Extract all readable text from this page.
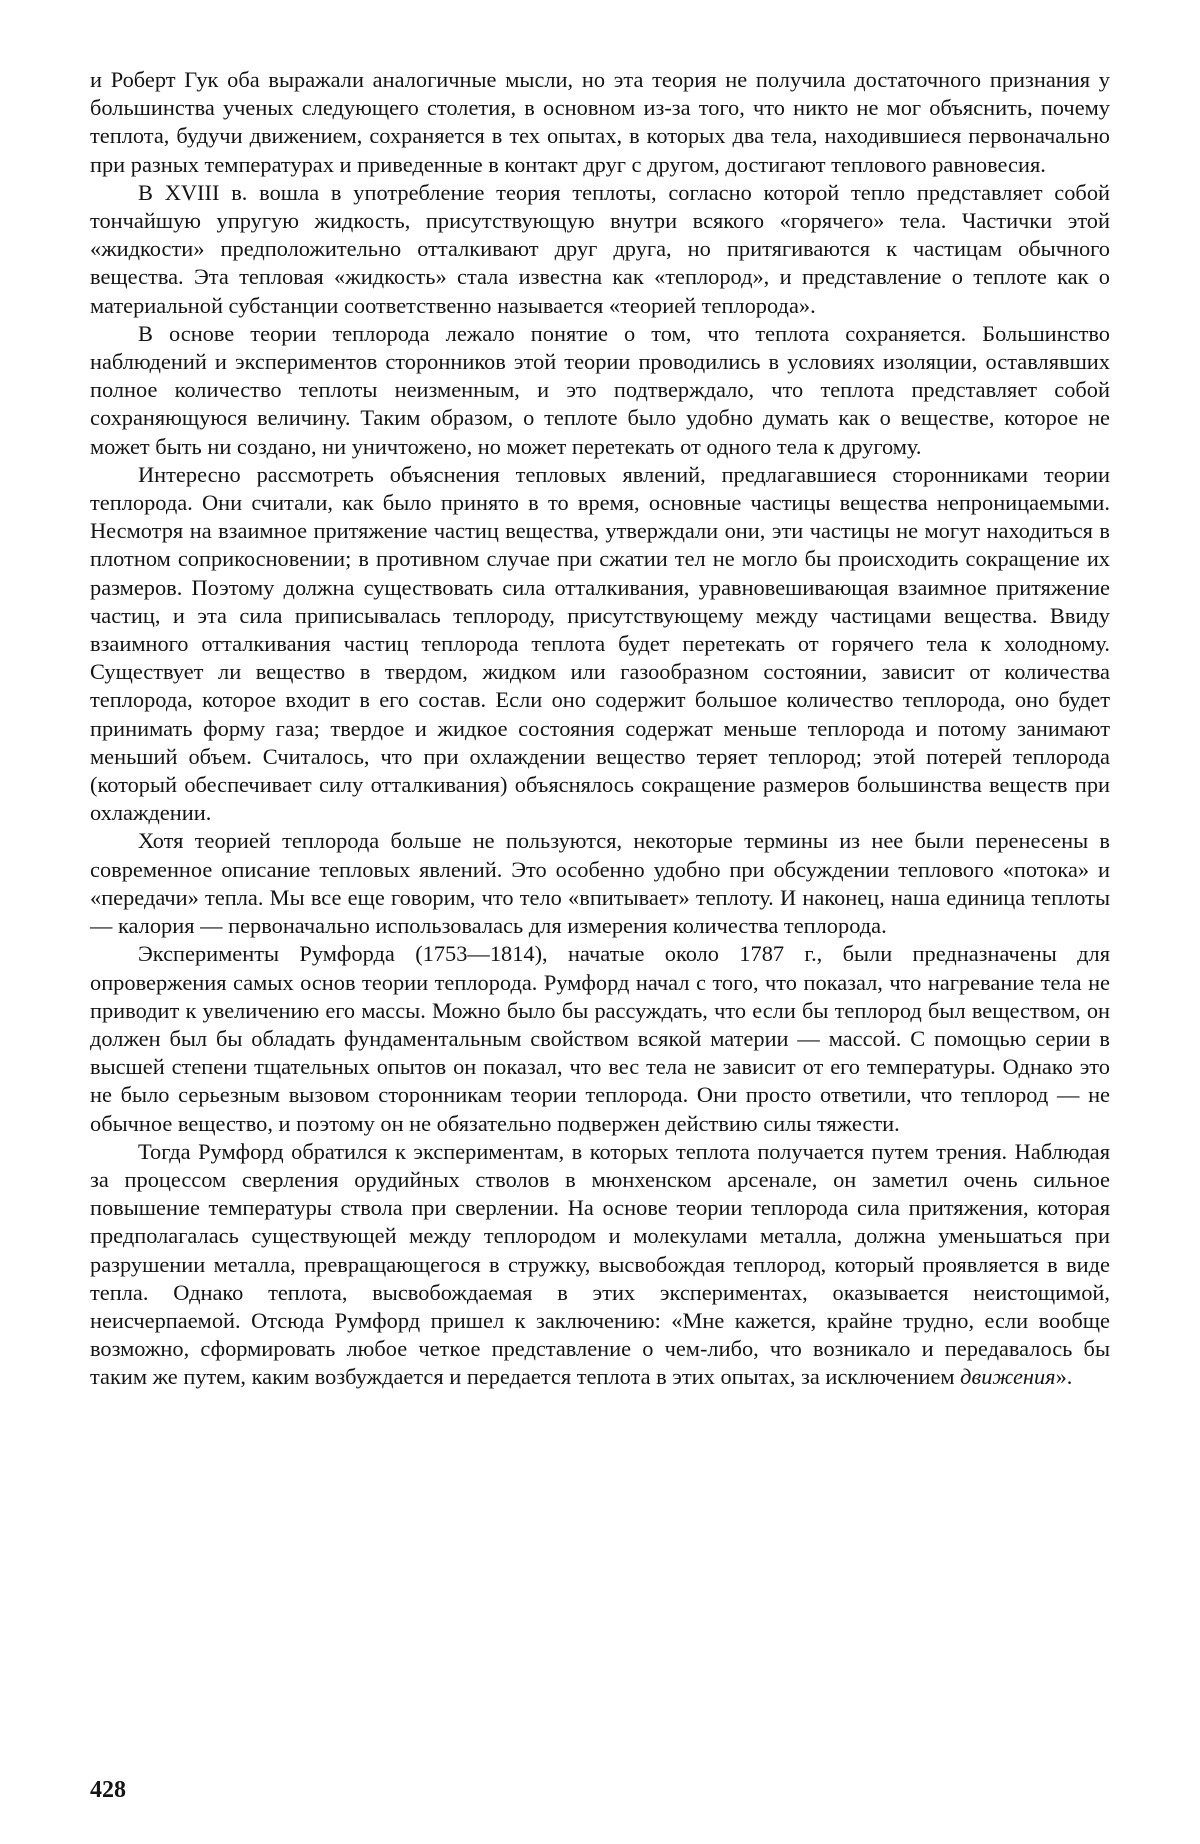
и Роберт Гук оба выражали аналогичные мысли, но эта теория не получила достаточного признания у большинства ученых следующего столетия, в основном из-за того, что никто не мог объяснить, почему теплота, будучи движением, сохраняется в тех опытах, в которых два тела, находившиеся первоначально при разных температурах и приведенные в контакт друг с другом, достигают теплового равновесия.

В XVIII в. вошла в употребление теория теплоты, согласно которой тепло представляет собой тончайшую упругую жидкость, присутствующую внутри всякого «горячего» тела. Частички этой «жидкости» предположительно отталкивают друг друга, но притягиваются к частицам обычного вещества. Эта тепловая «жидкость» стала известна как «теплород», и представление о теплоте как о материальной субстанции соответственно называется «теорией теплорода».

В основе теории теплорода лежало понятие о том, что теплота сохраняется. Большинство наблюдений и экспериментов сторонников этой теории проводились в условиях изоляции, оставлявших полное количество теплоты неизменным, и это подтверждало, что теплота представляет собой сохраняющуюся величину. Таким образом, о теплоте было удобно думать как о веществе, которое не может быть ни создано, ни уничтожено, но может перетекать от одного тела к другому.

Интересно рассмотреть объяснения тепловых явлений, предлагавшиеся сторонниками теории теплорода. Они считали, как было принято в то время, основные частицы вещества непроницаемыми. Несмотря на взаимное притяжение частиц вещества, утверждали они, эти частицы не могут находиться в плотном соприкосновении; в противном случае при сжатии тел не могло бы происходить сокращение их размеров. Поэтому должна существовать сила отталкивания, уравновешивающая взаимное притяжение частиц, и эта сила приписывалась теплороду, присутствующему между частицами вещества. Ввиду взаимного отталкивания частиц теплорода теплота будет перетекать от горячего тела к холодному. Существует ли вещество в твердом, жидком или газообразном состоянии, зависит от количества теплорода, которое входит в его состав. Если оно содержит большое количество теплорода, оно будет принимать форму газа; твердое и жидкое состояния содержат меньше теплорода и потому занимают меньший объем. Считалось, что при охлаждении вещество теряет теплород; этой потерей теплорода (который обеспечивает силу отталкивания) объяснялось сокращение размеров большинства веществ при охлаждении.

Хотя теорией теплорода больше не пользуются, некоторые термины из нее были перенесены в современное описание тепловых явлений. Это особенно удобно при обсуждении теплового «потока» и «передачи» тепла. Мы все еще говорим, что тело «впитывает» теплоту. И наконец, наша единица теплоты — калория — первоначально использовалась для измерения количества теплорода.

Эксперименты Румфорда (1753—1814), начатые около 1787 г., были предназначены для опровержения самых основ теории теплорода. Румфорд начал с того, что показал, что нагревание тела не приводит к увеличению его массы. Можно было бы рассуждать, что если бы теплород был веществом, он должен был бы обладать фундаментальным свойством всякой материи — массой. С помощью серии в высшей степени тщательных опытов он показал, что вес тела не зависит от его температуры. Однако это не было серьезным вызовом сторонникам теории теплорода. Они просто ответили, что теплород — не обычное вещество, и поэтому он не обязательно подвержен действию силы тяжести.

Тогда Румфорд обратился к экспериментам, в которых теплота получается путем трения. Наблюдая за процессом сверления орудийных стволов в мюнхенском арсенале, он заметил очень сильное повышение температуры ствола при сверлении. На основе теории теплорода сила притяжения, которая предполагалась существующей между теплородом и молекулами металла, должна уменьшаться при разрушении металла, превращающегося в стружку, высвобождая теплород, который проявляется в виде тепла. Однако теплота, высвобождаемая в этих экспериментах, оказывается неистощимой, неисчерпаемой. Отсюда Румфорд пришел к заключению: «Мне кажется, крайне трудно, если вообще возможно, сформировать любое четкое представление о чем-либо, что возникало и передавалось бы таким же путем, каким возбуждается и передается теплота в этих опытах, за исключением движения».

428
